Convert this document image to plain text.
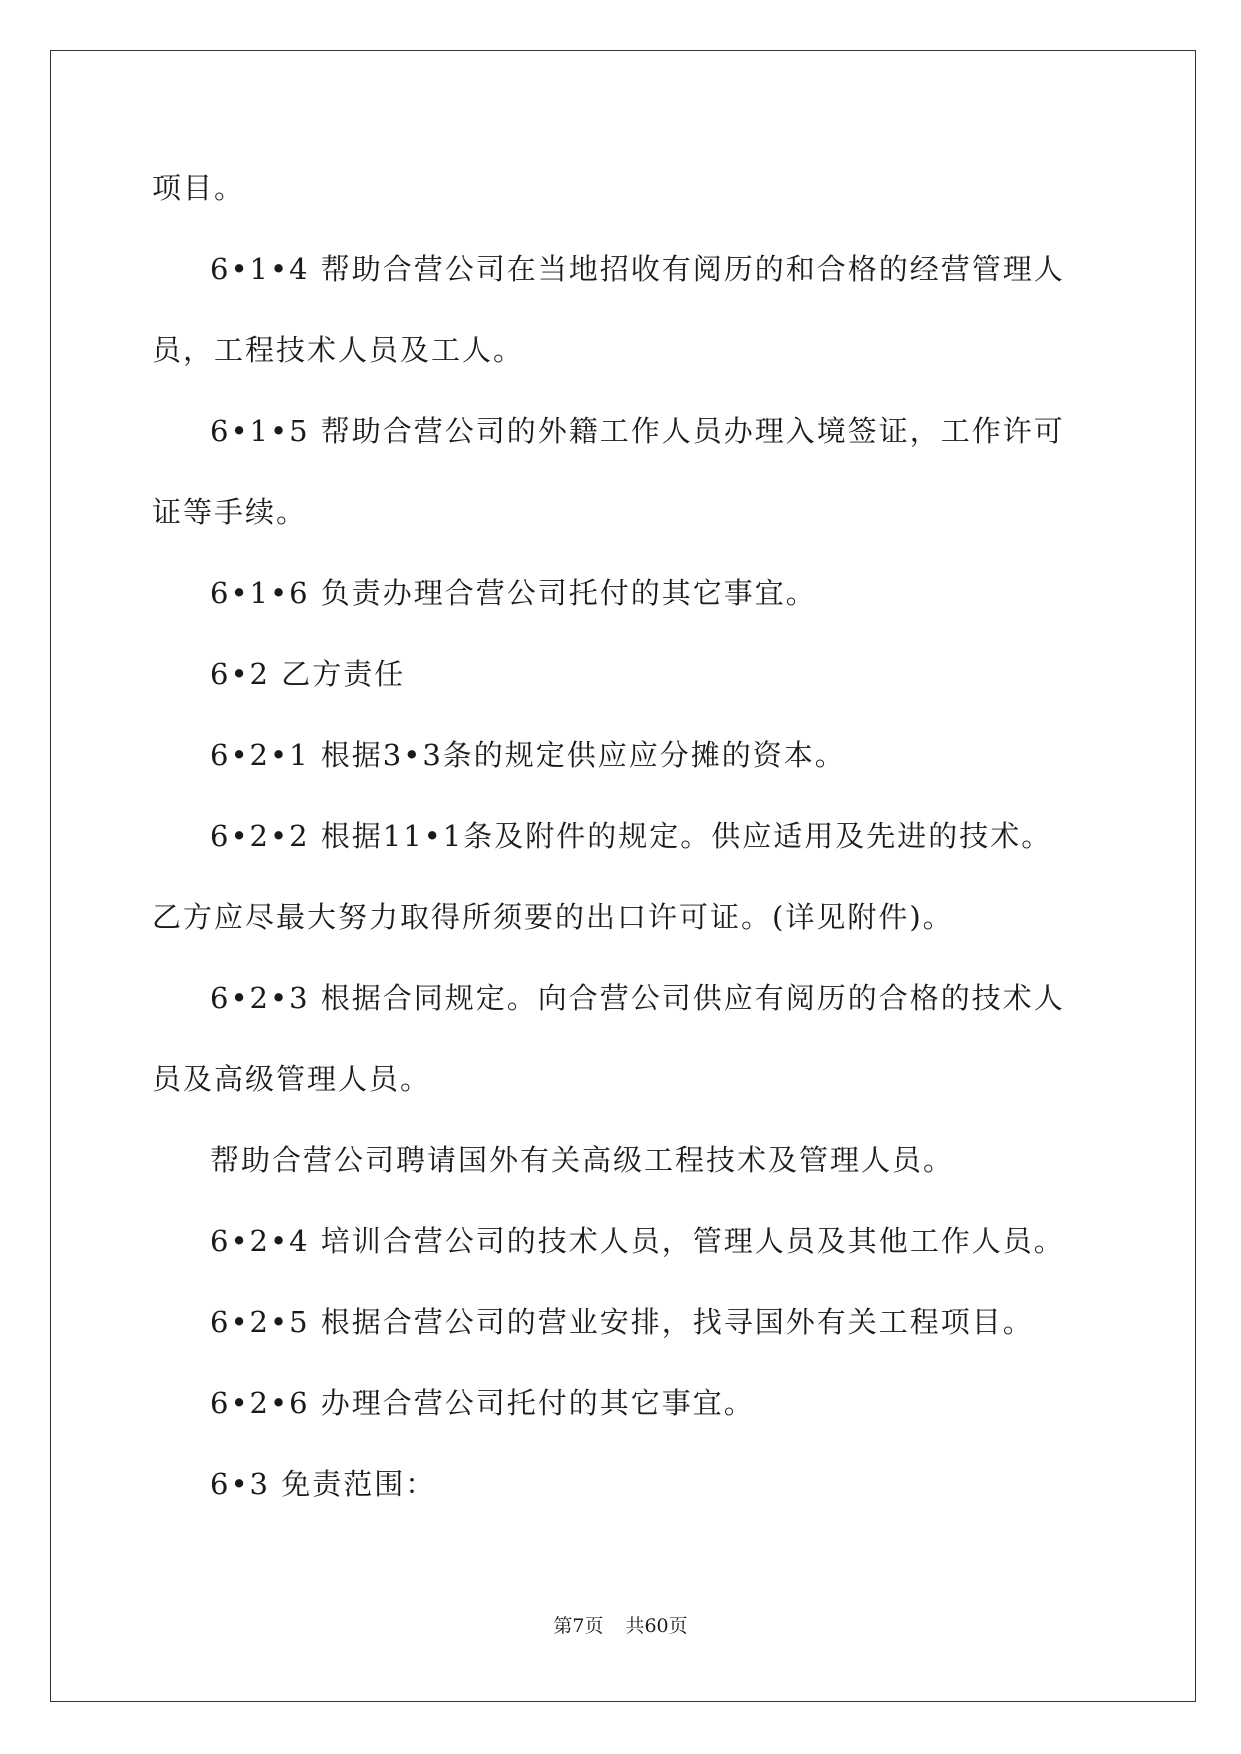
项目。
6•1•4 帮助合营公司在当地招收有阅历的和合格的经营管理人
员，工程技术人员及工人。
6•1•5 帮助合营公司的外籍工作人员办理入境签证，工作许可
证等手续。
6•1•6 负责办理合营公司托付的其它事宜。
6•2 乙方责任
6•2•1 根据3•3条的规定供应应分摊的资本。
6•2•2 根据11•1条及附件的规定。供应适用及先进的技术。
乙方应尽最大努力取得所须要的出口许可证。(详见附件)。
6•2•3 根据合同规定。向合营公司供应有阅历的合格的技术人
员及高级管理人员。
帮助合营公司聘请国外有关高级工程技术及管理人员。
6•2•4 培训合营公司的技术人员，管理人员及其他工作人员。
6•2•5 根据合营公司的营业安排，找寻国外有关工程项目。
6•2•6 办理合营公司托付的其它事宜。
6•3 免责范围：
第7页 共60页
